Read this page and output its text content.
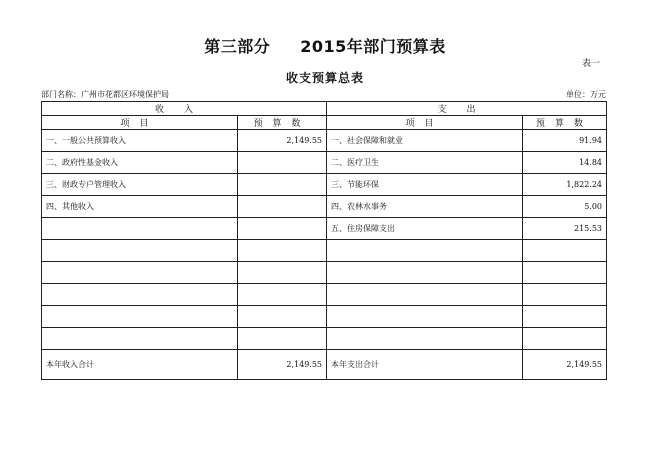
第三部分 2015年部门预算表
表一
收支预算总表
部门名称：广州市花都区环境保护局	单位：万元
收入		支出	
项目	预算数	项目	预算数
一、一般公共预算收入	2,149.55	一、社会保障和就业	91.94
二、政府性基金收入		二、医疗卫生	14.84
三、财政专户管理收入		三、节能环保	1,822.24
四、其他收入		四、农林水事务	5.00
		五、住房保障支出	215.53

本年收入合计	2,149.55	本年支出合计	2,149.55
